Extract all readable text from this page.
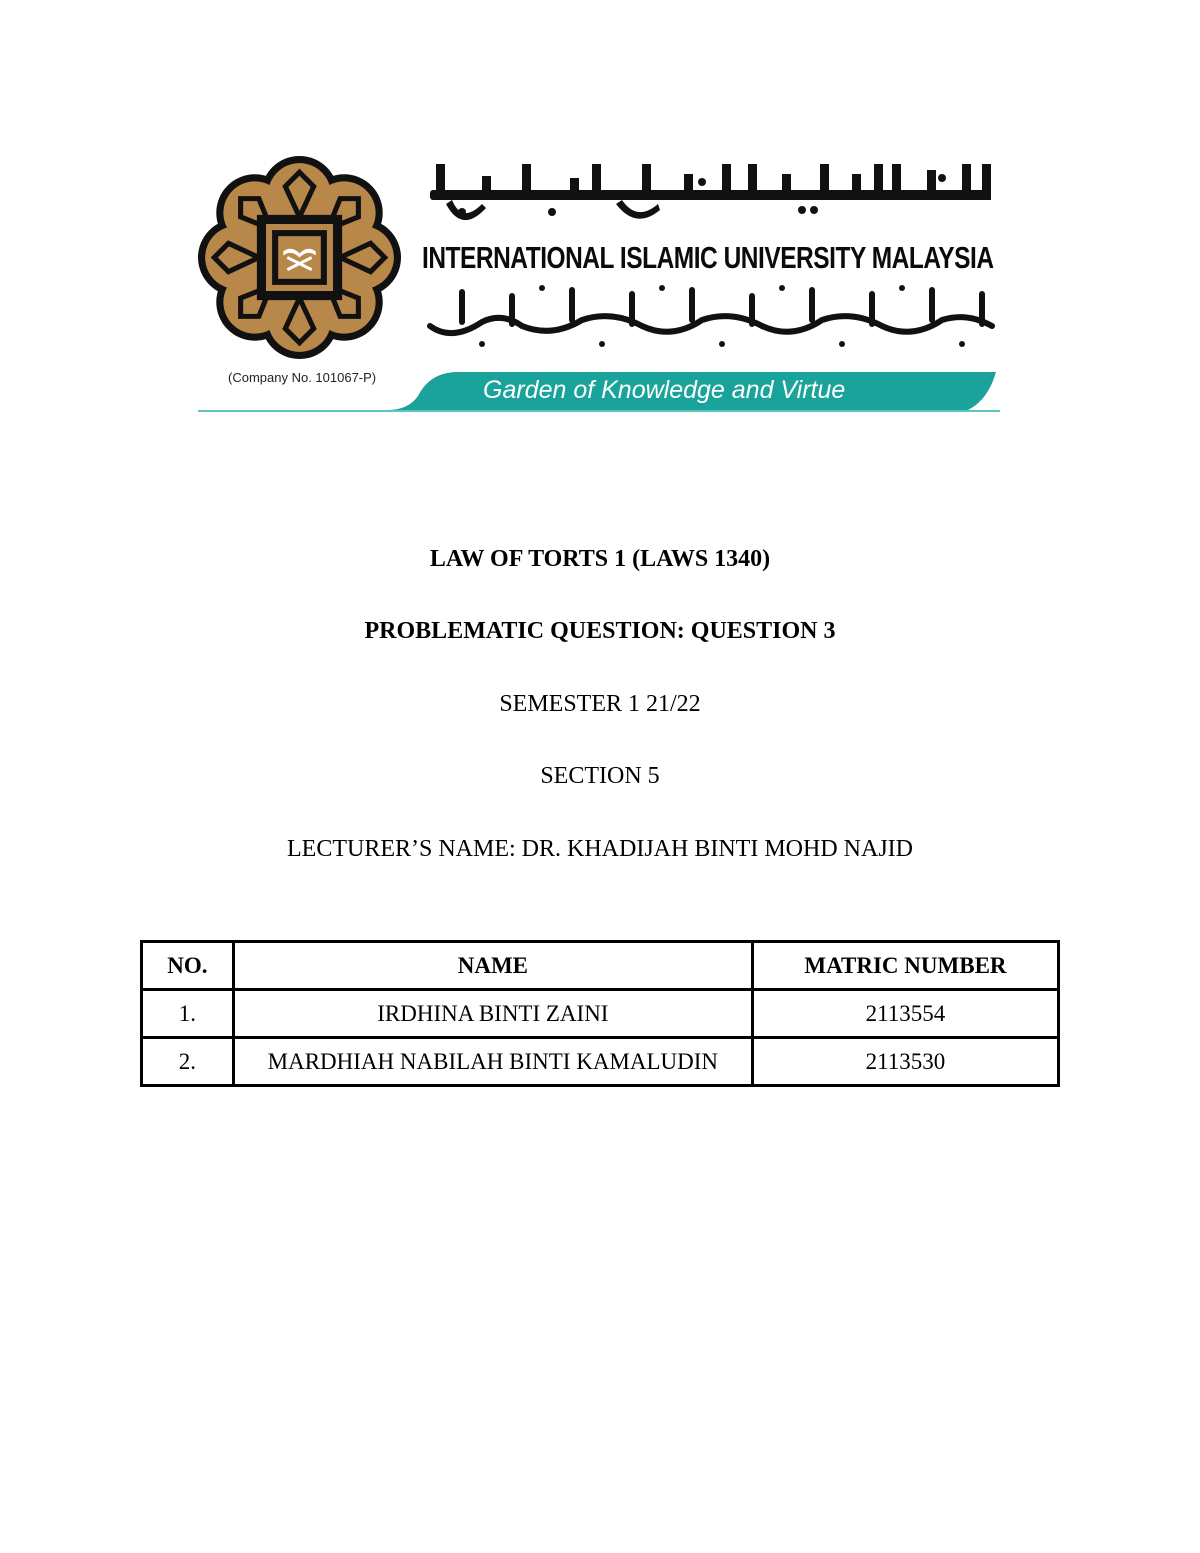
INTERNATIONAL ISLAMIC UNIVERSITY MALAYSIA
(Company No. 101067-P)	Garden of Knowledge and Virtue
LAW OF TORTS 1 (LAWS 1340)
PROBLEMATIC QUESTION: QUESTION 3
SEMESTER 1 21/22
SECTION 5
LECTURER’S NAME: DR. KHADIJAH BINTI MOHD NAJID
NO.	NAME	MATRIC NUMBER
1.	IRDHINA BINTI ZAINI	2113554
2.	MARDHIAH NABILAH BINTI KAMALUDIN	2113530
